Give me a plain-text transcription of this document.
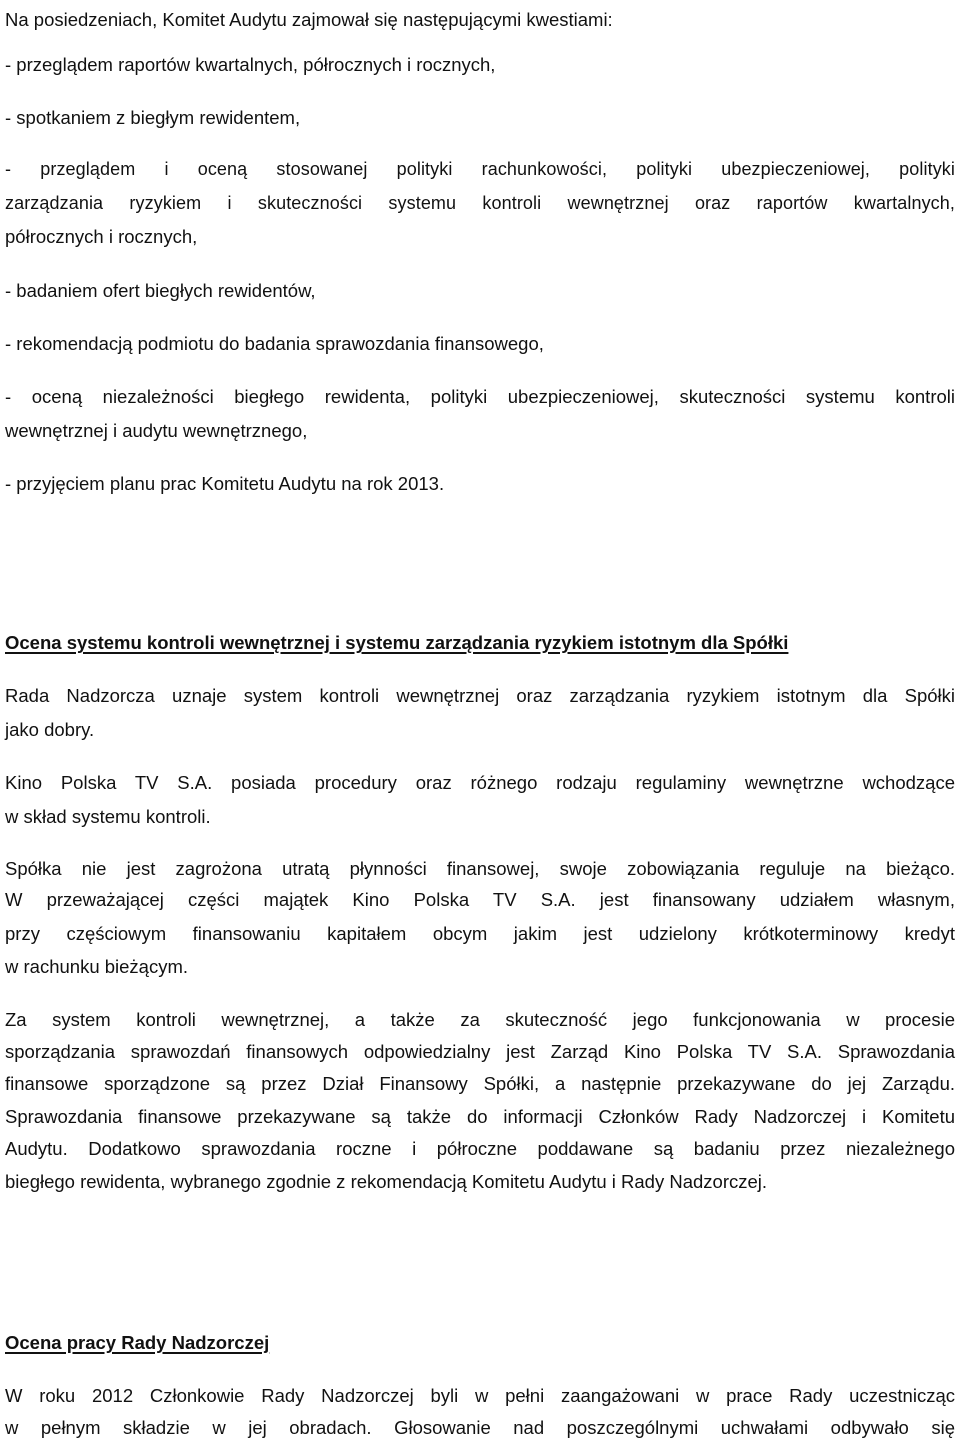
Na posiedzeniach, Komitet Audytu zajmował się następującymi kwestiami:
- przeglądem raportów kwartalnych, półrocznych i rocznych,
- spotkaniem z biegłym rewidentem,
- przeglądem i oceną stosowanej polityki rachunkowości, polityki ubezpieczeniowej, polityki
zarządzania ryzykiem i skuteczności systemu kontroli wewnętrznej oraz raportów kwartalnych,
półrocznych i rocznych,
- badaniem ofert biegłych rewidentów,
- rekomendacją podmiotu do badania sprawozdania finansowego,
- oceną niezależności biegłego rewidenta, polityki ubezpieczeniowej, skuteczności systemu kontroli
wewnętrznej i audytu wewnętrznego,
- przyjęciem planu prac Komitetu Audytu na rok 2013.
Ocena systemu kontroli wewnętrznej i systemu zarządzania ryzykiem istotnym dla Spółki
Rada Nadzorcza uznaje system kontroli wewnętrznej oraz zarządzania ryzykiem istotnym dla Spółki
jako dobry.
Kino Polska TV S.A. posiada procedury oraz różnego rodzaju regulaminy wewnętrzne wchodzące
w skład systemu kontroli.
Spółka nie jest zagrożona utratą płynności finansowej, swoje zobowiązania reguluje na bieżąco.
W przeważającej części majątek Kino Polska TV S.A. jest finansowany udziałem własnym,
przy częściowym finansowaniu kapitałem obcym jakim jest udzielony krótkoterminowy kredyt
w rachunku bieżącym.
Za system kontroli wewnętrznej, a także za skuteczność jego funkcjonowania w procesie
sporządzania sprawozdań finansowych odpowiedzialny jest Zarząd Kino Polska TV S.A. Sprawozdania
finansowe sporządzone są przez Dział Finansowy Spółki, a następnie przekazywane do jej Zarządu.
Sprawozdania finansowe przekazywane są także do informacji Członków Rady Nadzorczej i Komitetu
Audytu. Dodatkowo sprawozdania roczne i półroczne poddawane są badaniu przez niezależnego
biegłego rewidenta, wybranego zgodnie z rekomendacją Komitetu Audytu i Rady Nadzorczej.
Ocena pracy Rady Nadzorczej
W roku 2012 Członkowie Rady Nadzorczej byli w pełni zaangażowani w prace Rady uczestnicząc
w pełnym składzie w jej obradach. Głosowanie nad poszczególnymi uchwałami odbywało się
